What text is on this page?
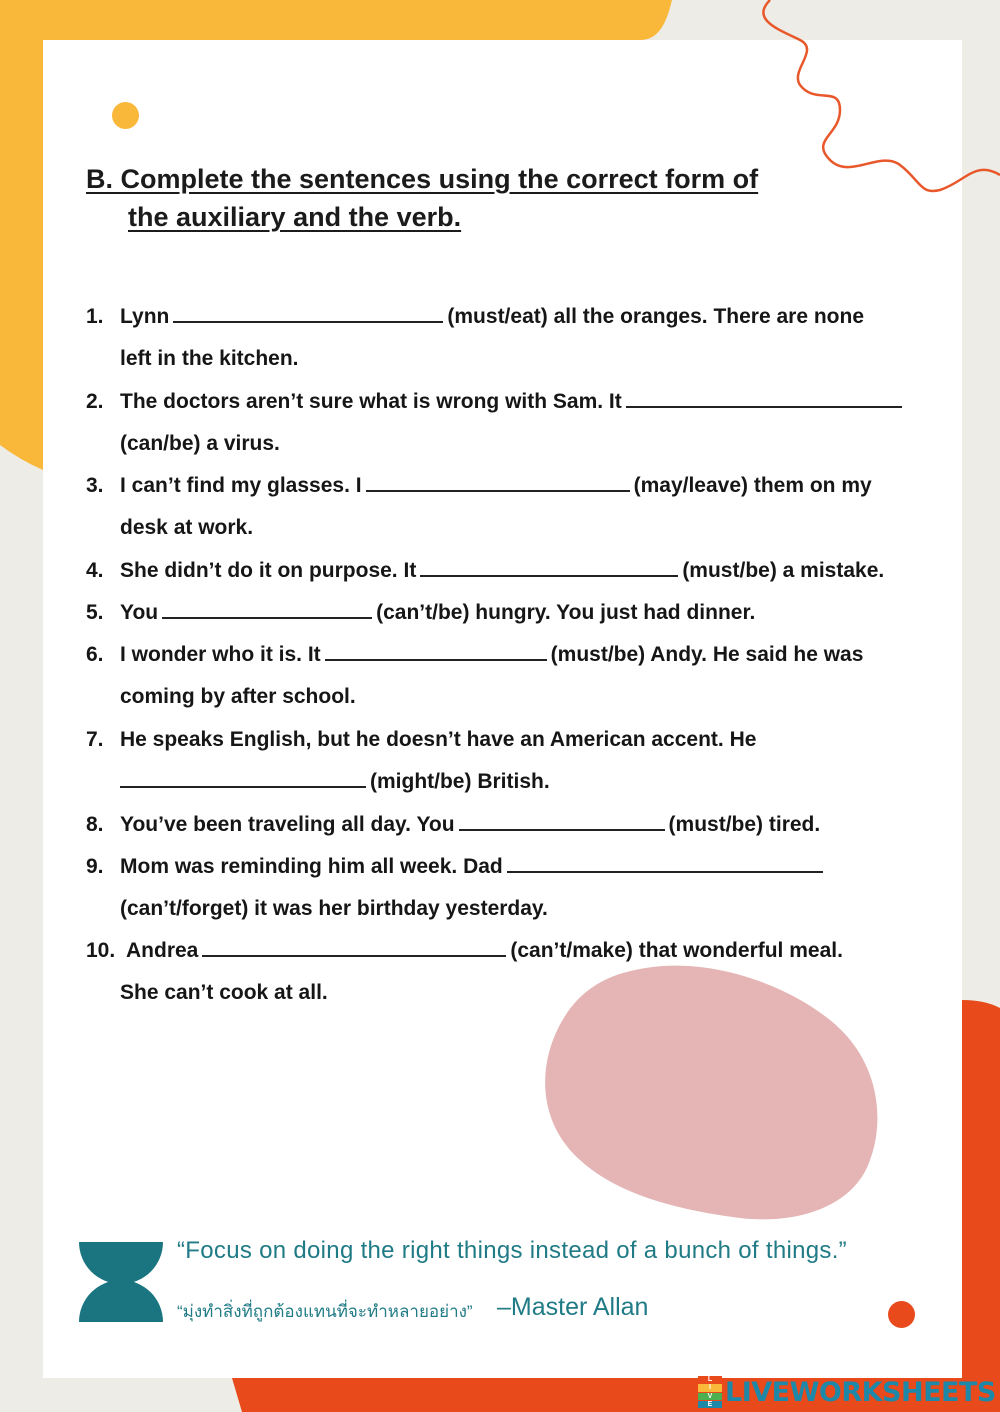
B. Complete the sentences using the correct form of
the auxiliary and the verb.
1. Lynn	(must/eat) all the oranges. There are none
left in the kitchen.
2. The doctors aren’t sure what is wrong with Sam. It
(can/be) a virus.
3. I can’t find my glasses. I	(may/leave) them on my
desk at work.
4. She didn’t do it on purpose. It	(must/be) a mistake.
5. You	(can’t/be) hungry. You just had dinner.
6. I wonder who it is. It	(must/be) Andy. He said he was
coming by after school.
7. He speaks English, but he doesn’t have an American accent. He
(might/be) British.
8. You’ve been traveling all day. You	(must/be) tired.
9. Mom was reminding him all week. Dad
(can’t/forget) it was her birthday yesterday.
10. Andrea	(can’t/make) that wonderful meal.
She can’t cook at all.
“Focus on doing the right things instead of a bunch of things.”
“มุ่งทำสิ่งที่ถูกต้องแทนที่จะทำหลายอย่าง” –Master Allan
L
I
V
E LIVEWORKSHEETS
